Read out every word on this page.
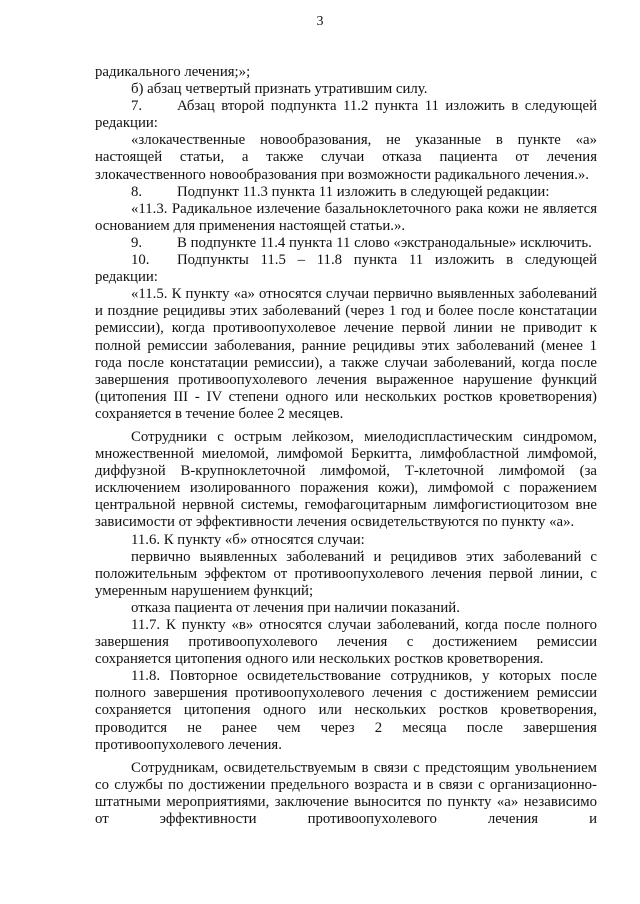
3

радикального лечения;»;

б) абзац четвертый признать утратившим силу.

7. Абзац второй подпункта 11.2 пункта 11 изложить в следующей редакции:

«злокачественные новообразования, не указанные в пункте «а» настоящей статьи, а также случаи отказа пациента от лечения злокачественного новообразования при возможности радикального лечения.».

8. Подпункт 11.3 пункта 11 изложить в следующей редакции:

«11.3. Радикальное излечение базальноклеточного рака кожи не является основанием для применения настоящей статьи.».

9. В подпункте 11.4 пункта 11 слово «экстранодальные» исключить.

10. Подпункты 11.5 – 11.8 пункта 11 изложить в следующей редакции:

«11.5. К пункту «а» относятся случаи первично выявленных заболеваний и поздние рецидивы этих заболеваний (через 1 год и более после констатации ремиссии), когда противоопухолевое лечение первой линии не приводит к полной ремиссии заболевания, ранние рецидивы этих заболеваний (менее 1 года после констатации ремиссии), а также случаи заболеваний, когда после завершения противоопухолевого лечения выраженное нарушение функций (цитопения III - IV степени одного или нескольких ростков кроветворения) сохраняется в течение более 2 месяцев.

Сотрудники с острым лейкозом, миелодиспластическим синдромом, множественной миеломой, лимфомой Беркитта, лимфобластной лимфомой, диффузной В-крупноклеточной лимфомой, Т-клеточной лимфомой (за исключением изолированного поражения кожи), лимфомой с поражением центральной нервной системы, гемофагоцитарным лимфогистиоцитозом вне зависимости от эффективности лечения освидетельствуются по пункту «а».

11.6. К пункту «б» относятся случаи:

первично выявленных заболеваний и рецидивов этих заболеваний с положительным эффектом от противоопухолевого лечения первой линии, с умеренным нарушением функций;

отказа пациента от лечения при наличии показаний.

11.7. К пункту «в» относятся случаи заболеваний, когда после полного завершения противоопухолевого лечения с достижением ремиссии сохраняется цитопения одного или нескольких ростков кроветворения.

11.8. Повторное освидетельствование сотрудников, у которых после полного завершения противоопухолевого лечения с достижением ремиссии сохраняется цитопения одного или нескольких ростков кроветворения, проводится не ранее чем через 2 месяца после завершения противоопухолевого лечения.

Сотрудникам, освидетельствуемым в связи с предстоящим увольнением со службы по достижении предельного возраста и в связи с организационно-штатными мероприятиями, заключение выносится по пункту «а» независимо от эффективности противоопухолевого лечения и
